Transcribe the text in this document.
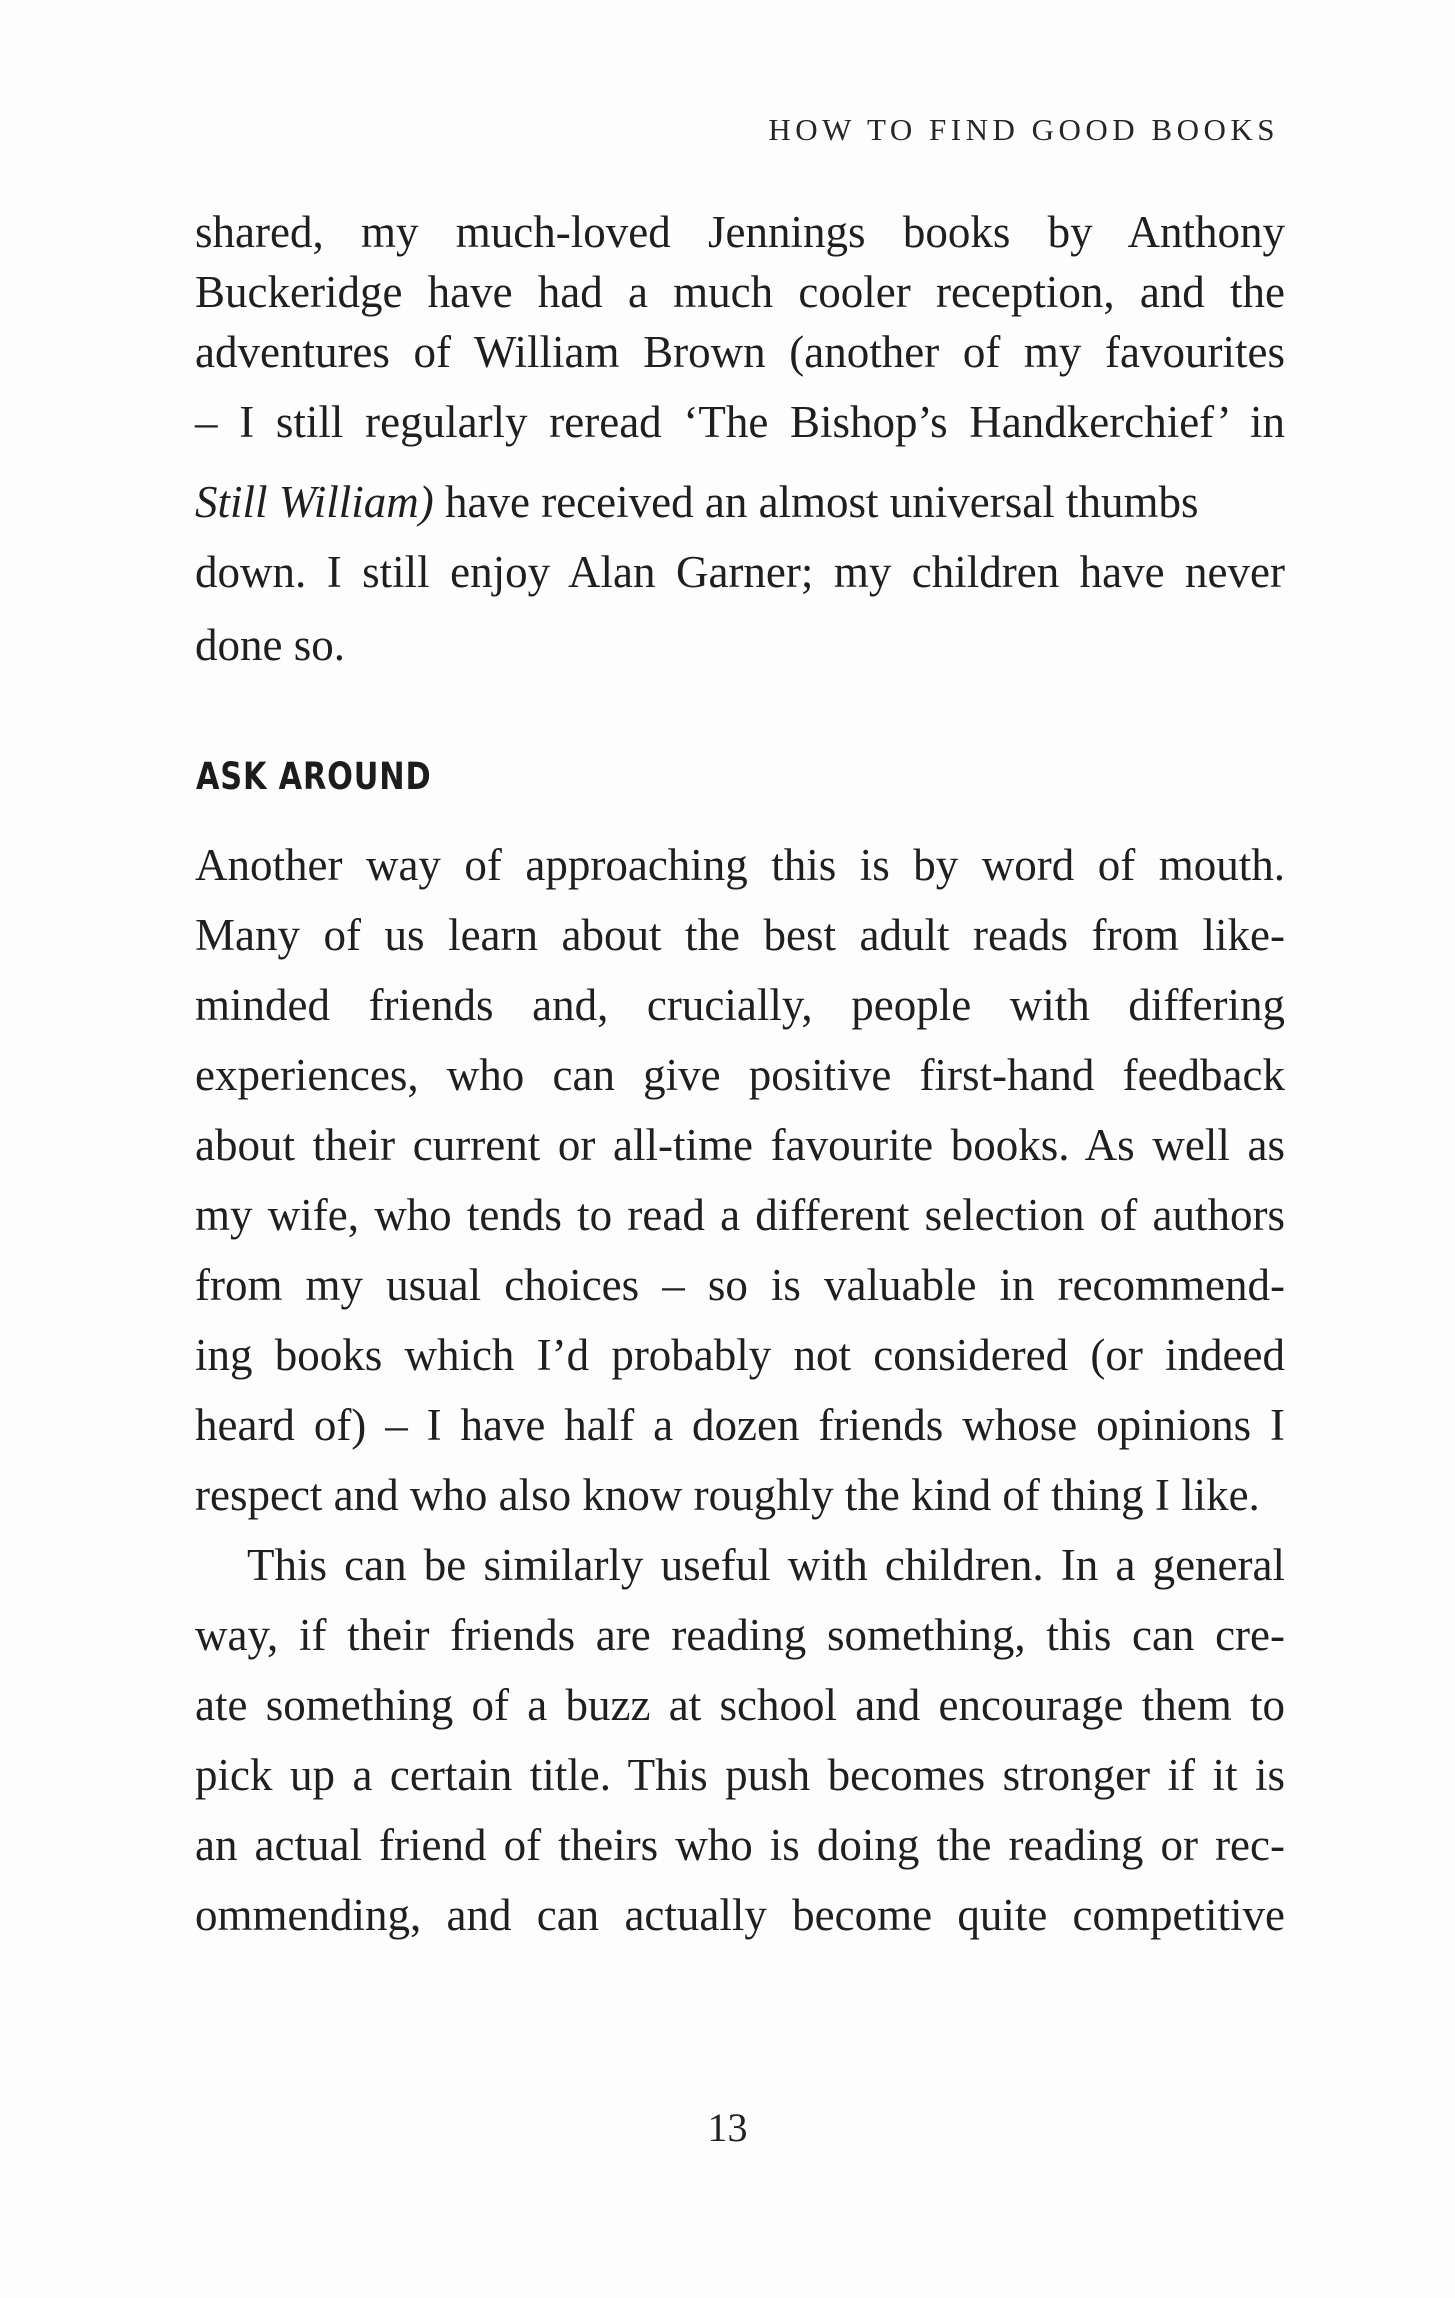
HOW TO FIND GOOD BOOKS
shared, my much-loved Jennings books by Anthony
Buckeridge have had a much cooler reception, and the
adventures of William Brown (another of my favourites
– I still regularly reread ‘The Bishop’s Handkerchief’ in
Still William) have received an almost universal thumbs
down. I still enjoy Alan Garner; my children have never
done so.
ASK AROUND
Another way of approaching this is by word of mouth.
Many of us learn about the best adult reads from like-
minded friends and, crucially, people with differing
experiences, who can give positive first-hand feedback
about their current or all-time favourite books. As well as
my wife, who tends to read a different selection of authors
from my usual choices – so is valuable in recommend-
ing books which I’d probably not considered (or indeed
heard of) – I have half a dozen friends whose opinions I
respect and who also know roughly the kind of thing I like.
This can be similarly useful with children. In a general
way, if their friends are reading something, this can cre-
ate something of a buzz at school and encourage them to
pick up a certain title. This push becomes stronger if it is
an actual friend of theirs who is doing the reading or rec-
ommending, and can actually become quite competitive
13
